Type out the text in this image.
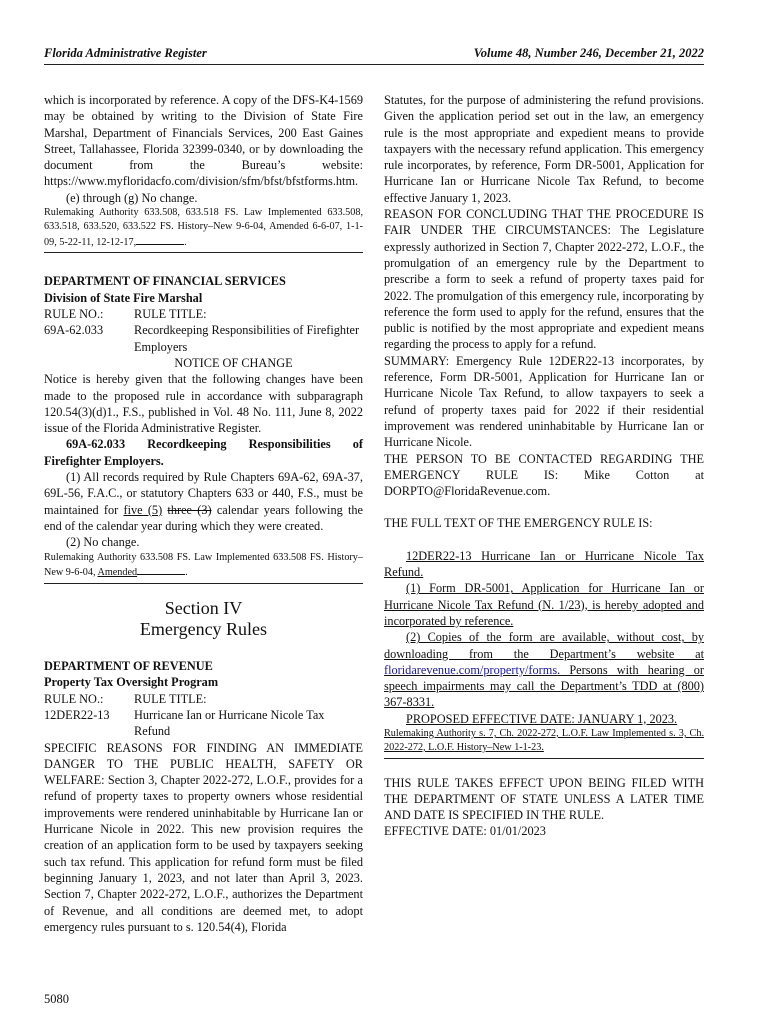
Florida Administrative Register	Volume 48, Number 246, December 21, 2022

which is incorporated by reference. A copy of the DFS-K4-1569 may be obtained by writing to the Division of State Fire Marshal, Department of Financials Services, 200 East Gaines Street, Tallahassee, Florida 32399-0340, or by downloading the document from the Bureau’s website: https://www.myfloridacfo.com/division/sfm/bfst/bfstforms.htm.

(e) through (g) No change.

Rulemaking Authority 633.508, 633.518 FS. Law Implemented 633.508, 633.518, 633.520, 633.522 FS. History–New 9-6-04, Amended 6-6-07, 1-1-09, 5-22-11, 12-12-17,	.

DEPARTMENT OF FINANCIAL SERVICES

Division of State Fire Marshal

RULE NO.:	RULE TITLE:
69A-62.033	Recordkeeping Responsibilities of Firefighter Employers

NOTICE OF CHANGE

Notice is hereby given that the following changes have been made to the proposed rule in accordance with subparagraph 120.54(3)(d)1., F.S., published in Vol. 48 No. 111, June 8, 2022 issue of the Florida Administrative Register.

69A-62.033 Recordkeeping Responsibilities of Firefighter Employers.

(1) All records required by Rule Chapters 69A-62, 69A-37, 69L-56, F.A.C., or statutory Chapters 633 or 440, F.S., must be maintained for five (5) three (3) calendar years following the end of the calendar year during which they were created.

(2) No change.

Rulemaking Authority 633.508 FS. Law Implemented 633.508 FS. History–New 9-6-04, Amended	.

Section IV
Emergency Rules

DEPARTMENT OF REVENUE

Property Tax Oversight Program

RULE NO.:	RULE TITLE:
12DER22-13	Hurricane Ian or Hurricane Nicole Tax Refund

SPECIFIC REASONS FOR FINDING AN IMMEDIATE DANGER TO THE PUBLIC HEALTH, SAFETY OR WELFARE: Section 3, Chapter 2022-272, L.O.F., provides for a refund of property taxes to property owners whose residential improvements were rendered uninhabitable by Hurricane Ian or Hurricane Nicole in 2022. This new provision requires the creation of an application form to be used by taxpayers seeking such tax refund. This application for refund form must be filed beginning January 1, 2023, and not later than April 3, 2023. Section 7, Chapter 2022-272, L.O.F., authorizes the Department of Revenue, and all conditions are deemed met, to adopt emergency rules pursuant to s. 120.54(4), Florida

Statutes, for the purpose of administering the refund provisions. Given the application period set out in the law, an emergency rule is the most appropriate and expedient means to provide taxpayers with the necessary refund application. This emergency rule incorporates, by reference, Form DR-5001, Application for Hurricane Ian or Hurricane Nicole Tax Refund, to become effective January 1, 2023.

REASON FOR CONCLUDING THAT THE PROCEDURE IS FAIR UNDER THE CIRCUMSTANCES: The Legislature expressly authorized in Section 7, Chapter 2022-272, L.O.F., the promulgation of an emergency rule by the Department to prescribe a form to seek a refund of property taxes paid for 2022. The promulgation of this emergency rule, incorporating by reference the form used to apply for the refund, ensures that the public is notified by the most appropriate and expedient means regarding the process to apply for a refund.

SUMMARY: Emergency Rule 12DER22-13 incorporates, by reference, Form DR-5001, Application for Hurricane Ian or Hurricane Nicole Tax Refund, to allow taxpayers to seek a refund of property taxes paid for 2022 if their residential improvement was rendered uninhabitable by Hurricane Ian or Hurricane Nicole.

THE PERSON TO BE CONTACTED REGARDING THE EMERGENCY RULE IS: Mike Cotton at DORPTO@FloridaRevenue.com.

THE FULL TEXT OF THE EMERGENCY RULE IS:

12DER22-13 Hurricane Ian or Hurricane Nicole Tax Refund.

(1) Form DR-5001, Application for Hurricane Ian or Hurricane Nicole Tax Refund (N. 1/23), is hereby adopted and incorporated by reference.

(2) Copies of the form are available, without cost, by downloading from the Department’s website at floridarevenue.com/property/forms. Persons with hearing or speech impairments may call the Department’s TDD at (800) 367-8331.

PROPOSED EFFECTIVE DATE: JANUARY 1, 2023.

Rulemaking Authority s. 7, Ch. 2022-272, L.O.F. Law Implemented s. 3, Ch. 2022-272, L.O.F. History–New 1-1-23.

THIS RULE TAKES EFFECT UPON BEING FILED WITH THE DEPARTMENT OF STATE UNLESS A LATER TIME AND DATE IS SPECIFIED IN THE RULE.

EFFECTIVE DATE: 01/01/2023

5080
